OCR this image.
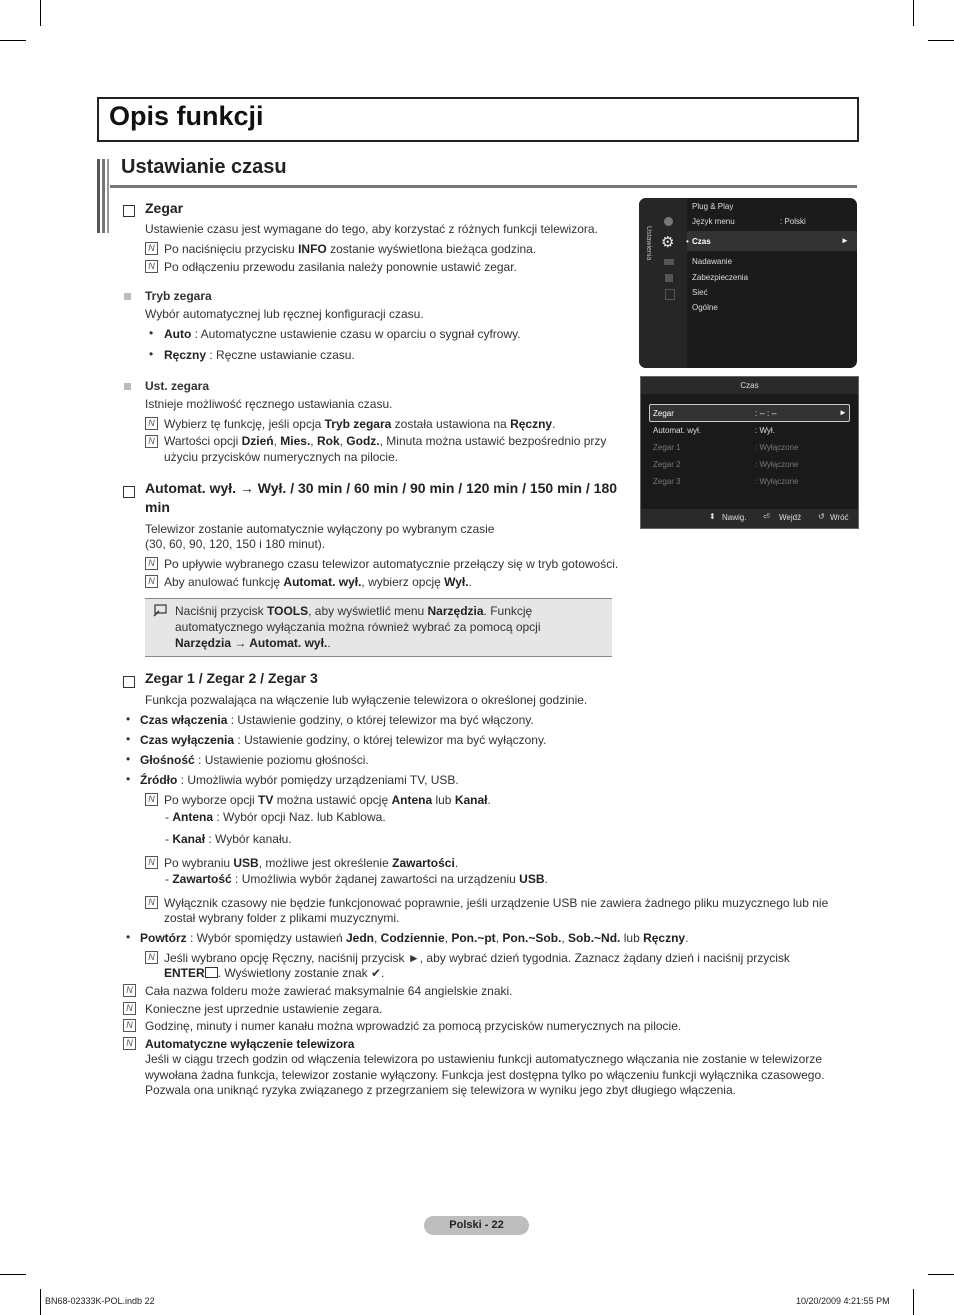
Opis funkcji
Ustawianie czasu
Zegar
Ustawienie czasu jest wymagane do tego, aby korzystać z różnych funkcji telewizora.
N Po naciśnięciu przycisku INFO zostanie wyświetlona bieżąca godzina.
N Po odłączeniu przewodu zasilania należy ponownie ustawić zegar.
Tryb zegara
Wybór automatycznej lub ręcznej konfiguracji czasu.
• Auto : Automatyczne ustawienie czasu w oparciu o sygnał cyfrowy.
• Ręczny : Ręczne ustawianie czasu.
Ust. zegara
Istnieje możliwość ręcznego ustawiania czasu.
N Wybierz tę funkcję, jeśli opcja Tryb zegara została ustawiona na Ręczny.
N Wartości opcji Dzień, Mies., Rok, Godz., Minuta można ustawić bezpośrednio przy
użyciu przycisków numerycznych na pilocie.
Automat. wył. → Wył. / 30 min / 60 min / 90 min / 120 min / 150 min / 180
min
Telewizor zostanie automatycznie wyłączony po wybranym czasie
(30, 60, 90, 120, 150 i 180 minut).
N Po upływie wybranego czasu telewizor automatycznie przełączy się w tryb gotowości.
N Aby anulować funkcję Automat. wył., wybierz opcję Wył..
Naciśnij przycisk TOOLS, aby wyświetlić menu Narzędzia. Funkcję
automatycznego wyłączania można również wybrać za pomocą opcji
Narzędzia → Automat. wył..
Zegar 1 / Zegar 2 / Zegar 3
Funkcja pozwalająca na włączenie lub wyłączenie telewizora o określonej godzinie.
• Czas włączenia : Ustawienie godziny, o której telewizor ma być włączony.
• Czas wyłączenia : Ustawienie godziny, o której telewizor ma być wyłączony.
• Głośność : Ustawienie poziomu głośności.
• Źródło : Umożliwia wybór pomiędzy urządzeniami TV, USB.
N Po wyborze opcji TV można ustawić opcję Antena lub Kanał.
- Antena : Wybór opcji Naz. lub Kablowa.
- Kanał : Wybór kanału.
N Po wybraniu USB, możliwe jest określenie Zawartości.
- Zawartość : Umożliwia wybór żądanej zawartości na urządzeniu USB.
N Wyłącznik czasowy nie będzie funkcjonować poprawnie, jeśli urządzenie USB nie zawiera żadnego pliku muzycznego lub nie
został wybrany folder z plikami muzycznymi.
• Powtórz : Wybór spomiędzy ustawień Jedn, Codziennie, Pon.~pt, Pon.~Sob., Sob.~Nd. lub Ręczny.
N Jeśli wybrano opcję Ręczny, naciśnij przycisk ►, aby wybrać dzień tygodnia. Zaznacz żądany dzień i naciśnij przycisk
ENTER . Wyświetlony zostanie znak ✔.
N Cała nazwa folderu może zawierać maksymalnie 64 angielskie znaki.
N Konieczne jest uprzednie ustawienie zegara.
N Godzinę, minuty i numer kanału można wprowadzić za pomocą przycisków numerycznych na pilocie.
N Automatyczne wyłączenie telewizora
Jeśli w ciągu trzech godzin od włączenia telewizora po ustawieniu funkcji automatycznego włączania nie zostanie w telewizorze
wywołana żadna funkcja, telewizor zostanie wyłączony. Funkcja jest dostępna tylko po włączeniu funkcji wyłącznika czasowego.
Pozwala ona uniknąć ryzyka związanego z przegrzaniem się telewizora w wyniku jego zbyt długiego włączenia.
Ustawienia ⚙
Plug & Play
Język menu	: Polski
• Czas	►
Nadawanie
Zabezpieczenia
Sieć
Ogólne
Czas
Zegar	: -- : --	►
Automat. wył.	: Wył.
Zegar 1	: Wyłączone
Zegar 2	: Wyłączone
Zegar 3	: Wyłączone
⬍ Nawig. ⏎ Wejdź ↺ Wróć
Polski - 22
BN68-02333K-POL.indb 22	10/20/2009 4:21:55 PM
